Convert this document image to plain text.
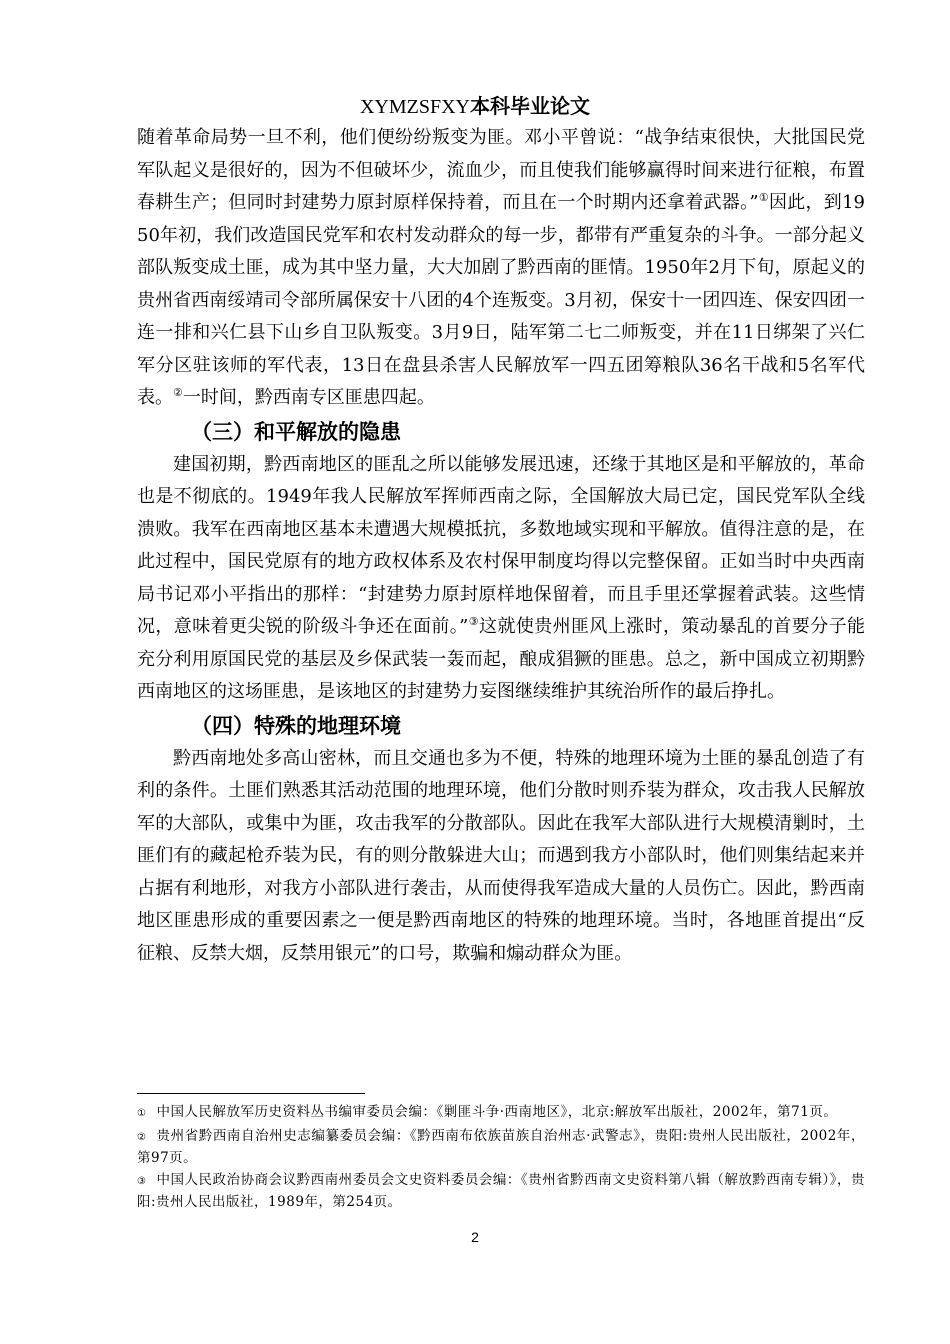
XYMZSFXY本科毕业论文

随着革命局势一旦不利，他们便纷纷叛变为匪。邓小平曾说：“战争结束很快，大批国民党军队起义是很好的，因为不但破坏少，流血少，而且使我们能够赢得时间来进行征粮，布置春耕生产；但同时封建势力原封原样保持着，而且在一个时期内还拿着武器。”①因此，到1950年初，我们改造国民党军和农村发动群众的每一步，都带有严重复杂的斗争。一部分起义部队叛变成土匪，成为其中坚力量，大大加剧了黔西南的匪情。1950年2月下旬，原起义的贵州省西南绥靖司令部所属保安十八团的4个连叛变。3月初，保安十一团四连、保安四团一连一排和兴仁县下山乡自卫队叛变。3月9日，陆军第二七二师叛变，并在11日绑架了兴仁军分区驻该师的军代表，13日在盘县杀害人民解放军一四五团筹粮队36名干战和5名军代表。②一时间，黔西南专区匪患四起。

（三）和平解放的隐患

建国初期，黔西南地区的匪乱之所以能够发展迅速，还缘于其地区是和平解放的，革命也是不彻底的。1949年我人民解放军挥师西南之际，全国解放大局已定，国民党军队全线溃败。我军在西南地区基本未遭遇大规模抵抗，多数地域实现和平解放。值得注意的是，在此过程中，国民党原有的地方政权体系及农村保甲制度均得以完整保留。正如当时中央西南局书记邓小平指出的那样：“封建势力原封原样地保留着，而且手里还掌握着武装。这些情况，意味着更尖锐的阶级斗争还在面前。”③这就使贵州匪风上涨时，策动暴乱的首要分子能充分利用原国民党的基层及乡保武装一轰而起，酿成猖獗的匪患。总之，新中国成立初期黔西南地区的这场匪患，是该地区的封建势力妄图继续维护其统治所作的最后挣扎。

（四）特殊的地理环境

黔西南地处多高山密林，而且交通也多为不便，特殊的地理环境为土匪的暴乱创造了有利的条件。土匪们熟悉其活动范围的地理环境，他们分散时则乔装为群众，攻击我人民解放军的大部队，或集中为匪，攻击我军的分散部队。因此在我军大部队进行大规模清剿时，土匪们有的藏起枪乔装为民，有的则分散躲进大山；而遇到我方小部队时，他们则集结起来并占据有利地形，对我方小部队进行袭击，从而使得我军造成大量的人员伤亡。因此，黔西南地区匪患形成的重要因素之一便是黔西南地区的特殊的地理环境。当时，各地匪首提出“反征粮、反禁大烟，反禁用银元”的口号，欺骗和煽动群众为匪。

① 中国人民解放军历史资料丛书编审委员会编：《剿匪斗争·西南地区》，北京:解放军出版社，2002年，第71页。

② 贵州省黔西南自治州史志编纂委员会编：《黔西南布依族苗族自治州志·武警志》，贵阳:贵州人民出版社，2002年，第97页。

③ 中国人民政治协商会议黔西南州委员会文史资料委员会编：《贵州省黔西南文史资料第八辑（解放黔西南专辑）》，贵阳:贵州人民出版社，1989年，第254页。

2
